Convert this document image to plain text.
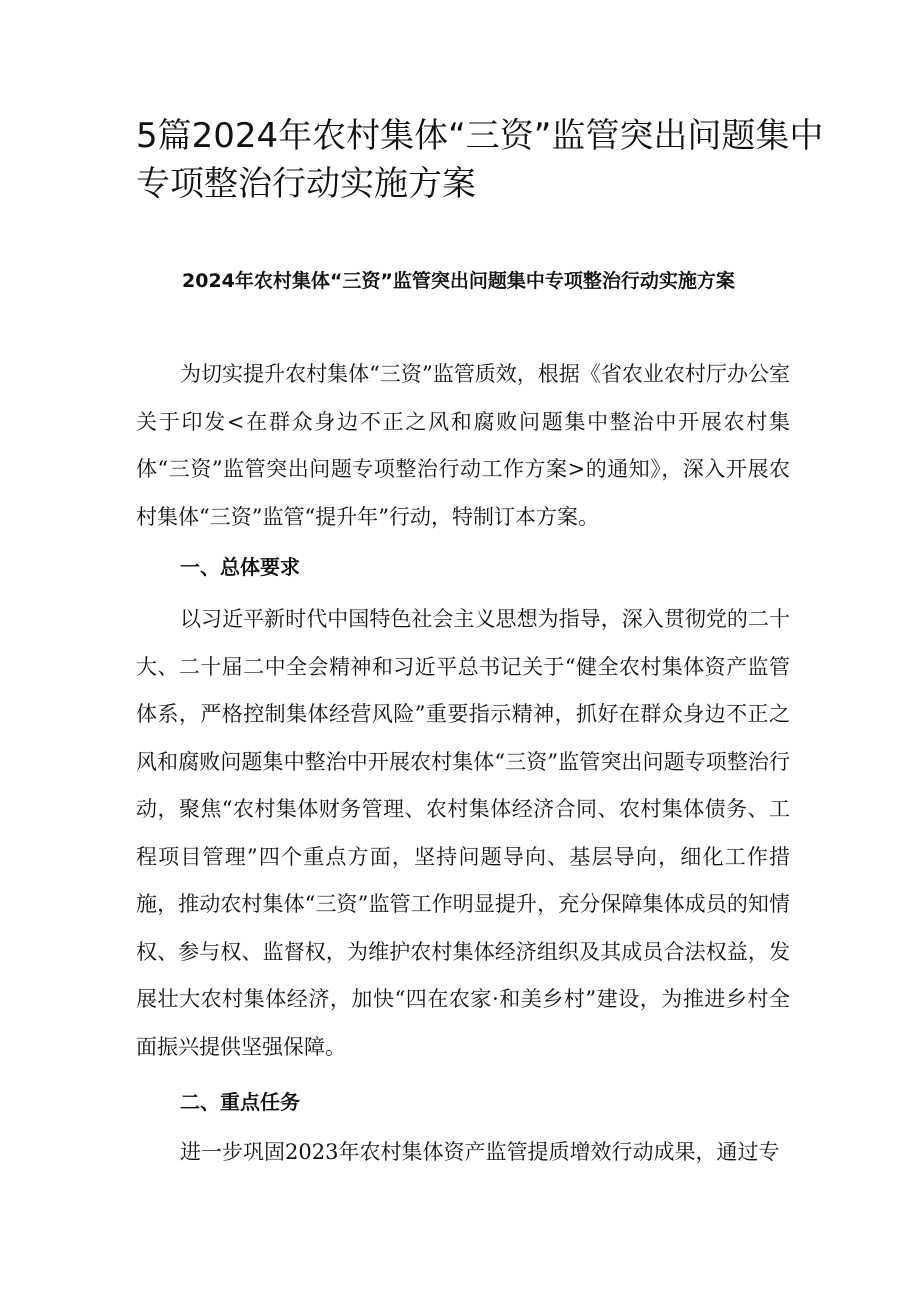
5篇2024年农村集体“三资”监管突出问题集中专项整治行动实施方案
2024年农村集体“三资”监管突出问题集中专项整治行动实施方案

为切实提升农村集体“三资”监管质效，根据《省农业农村厅办公室关于印发<在群众身边不正之风和腐败问题集中整治中开展农村集体“三资”监管突出问题专项整治行动工作方案>的通知》，深入开展农村集体“三资”监管“提升年”行动，特制订本方案。

一、总体要求

以习近平新时代中国特色社会主义思想为指导，深入贯彻党的二十大、二十届二中全会精神和习近平总书记关于“健全农村集体资产监管体系，严格控制集体经营风险”重要指示精神，抓好在群众身边不正之风和腐败问题集中整治中开展农村集体“三资”监管突出问题专项整治行动，聚焦“农村集体财务管理、农村集体经济合同、农村集体债务、工程项目管理”四个重点方面，坚持问题导向、基层导向，细化工作措施，推动农村集体“三资”监管工作明显提升，充分保障集体成员的知情权、参与权、监督权，为维护农村集体经济组织及其成员合法权益，发展壮大农村集体经济，加快“四在农家·和美乡村”建设，为推进乡村全面振兴提供坚强保障。

二、重点任务

进一步巩固2023年农村集体资产监管提质增效行动成果，通过专
